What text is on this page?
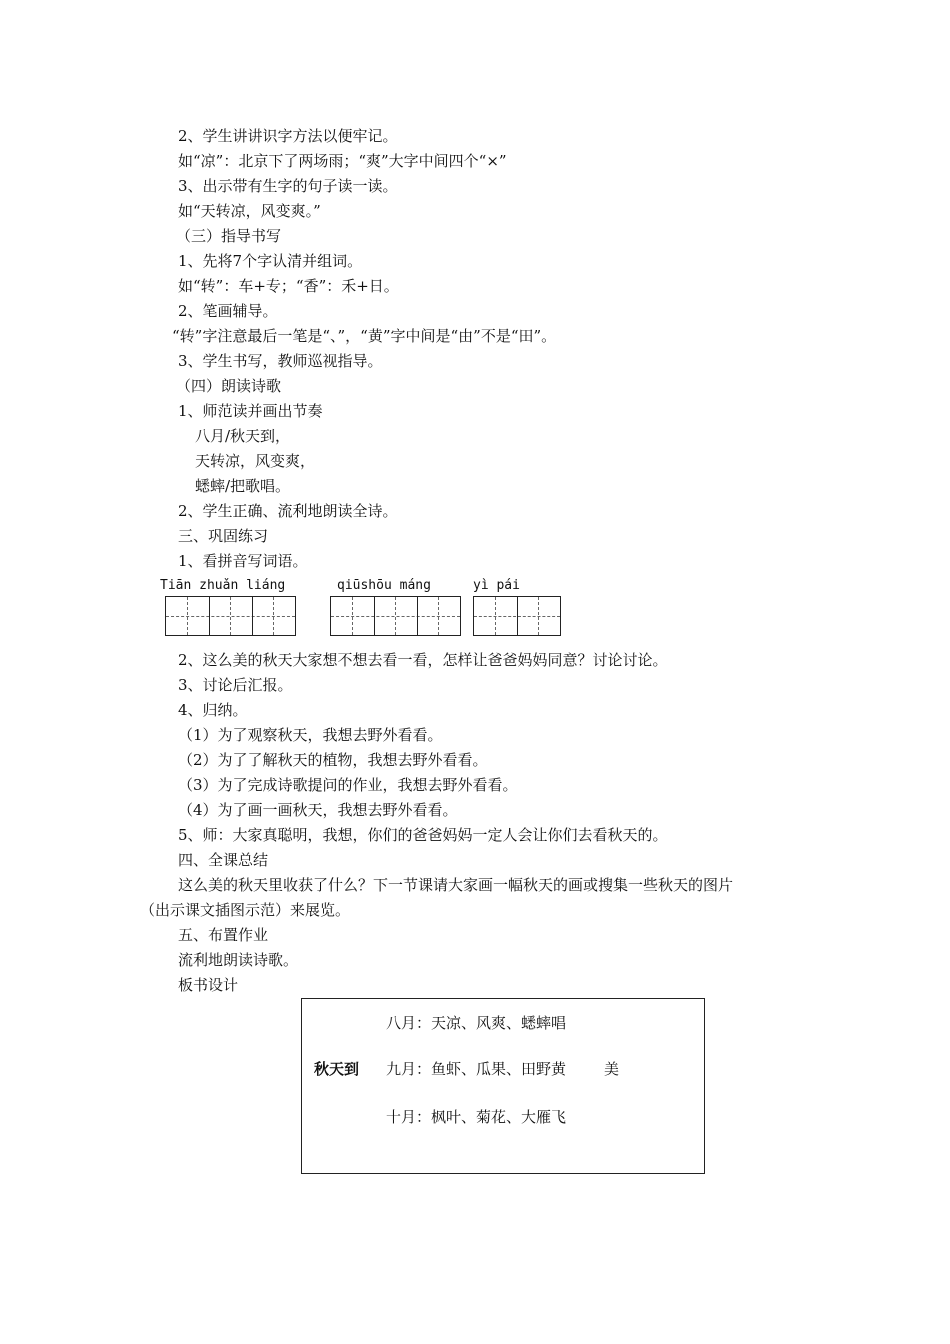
2、学生讲讲识字方法以便牢记。
如“凉”：北京下了两场雨；“爽”大字中间四个“×”
3、出示带有生字的句子读一读。
如“天转凉，风变爽。”
（三）指导书写
1、先将7个字认清并组词。
如“转”：车+专；“香”：禾+日。
2、笔画辅导。
“转”字注意最后一笔是“、”，“黄”字中间是“由”不是“田”。
3、学生书写，教师巡视指导。
（四）朗读诗歌
1、师范读并画出节奏
八月/秋天到，
天转凉，风变爽，
蟋蟀/把歌唱。
2、学生正确、流利地朗读全诗。
三、巩固练习
1、看拼音写词语。
Tiān zhuǎn liáng	qiūshōu máng	yì pái
2、这么美的秋天大家想不想去看一看，怎样让爸爸妈妈同意？讨论讨论。
3、讨论后汇报。
4、归纳。
（1）为了观察秋天，我想去野外看看。
（2）为了了解秋天的植物，我想去野外看看。
（3）为了完成诗歌提问的作业，我想去野外看看。
（4）为了画一画秋天，我想去野外看看。
5、师：大家真聪明，我想，你们的爸爸妈妈一定人会让你们去看秋天的。
四、全课总结
这么美的秋天里收获了什么？下一节课请大家画一幅秋天的画或搜集一些秋天的图片
（出示课文插图示范）来展览。
五、布置作业
流利地朗读诗歌。
板书设计
八月：天凉、风爽、蟋蟀唱
秋天到 九月：鱼虾、瓜果、田野黄	美
十月：枫叶、菊花、大雁飞
